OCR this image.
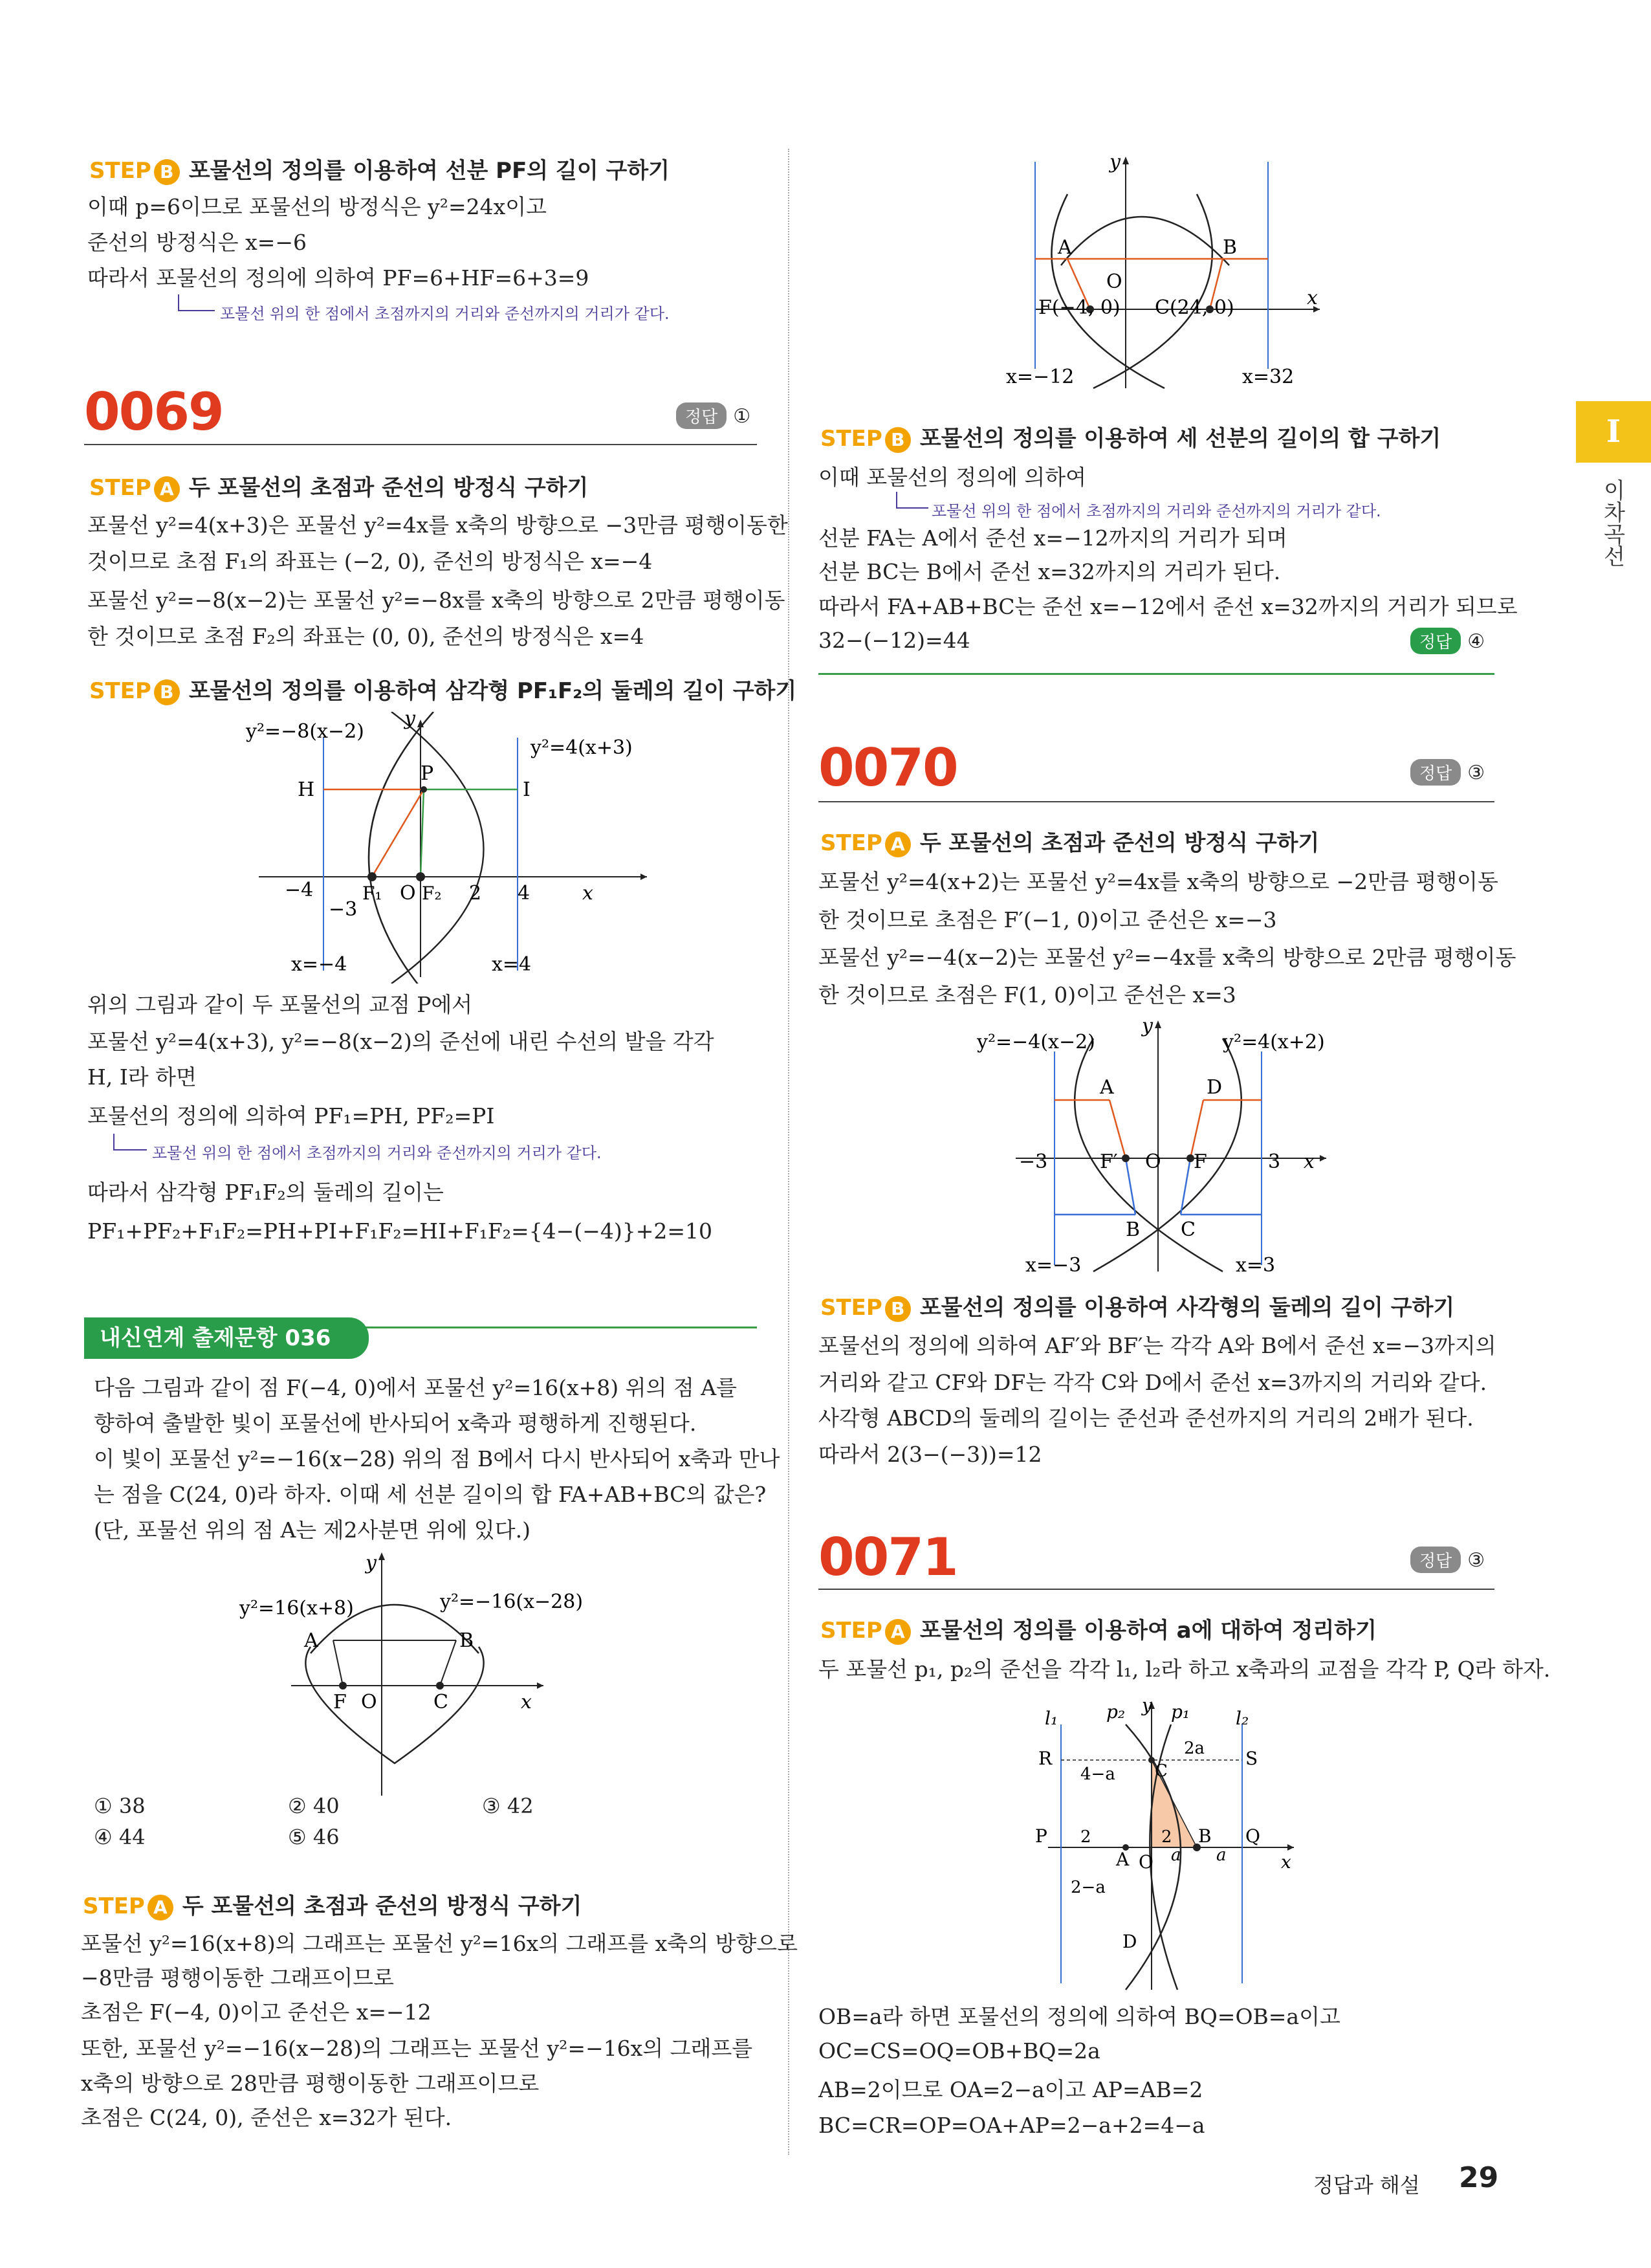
STEP B 포물선의 정의를 이용하여 선분 PF의 길이 구하기
이때 p=6이므로 포물선의 방정식은 y²=24x이고
준선의 방정식은 x=−6
따라서 포물선의 정의에 의하여 PF=6+HF=6+3=9
포물선 위의 한 점에서 초점까지의 거리와 준선까지의 거리가 같다.
0069	정답 ①
STEP A 두 포물선의 초점과 준선의 방정식 구하기
포물선 y²=4(x+3)은 포물선 y²=4x를 x축의 방향으로 −3만큼 평행이동한
것이므로 초점 F₁의 좌표는 (−2, 0), 준선의 방정식은 x=−4
포물선 y²=−8(x−2)는 포물선 y²=−8x를 x축의 방향으로 2만큼 평행이동
한 것이므로 초점 F₂의 좌표는 (0, 0), 준선의 방정식은 x=4
STEP B 포물선의 정의를 이용하여 삼각형 PF₁F₂의 둘레의 길이 구하기
y²=−8(x−2)
y²=4(x+3)
y
H	I
P
−4
−3
F₁ O F₂ 2 4	x
x=−4	x=4
위의 그림과 같이 두 포물선의 교점 P에서
포물선 y²=4(x+3), y²=−8(x−2)의 준선에 내린 수선의 발을 각각
H, I라 하면
포물선의 정의에 의하여 PF₁=PH, PF₂=PI
포물선 위의 한 점에서 초점까지의 거리와 준선까지의 거리가 같다.
따라서 삼각형 PF₁F₂의 둘레의 길이는
PF₁+PF₂+F₁F₂=PH+PI+F₁F₂=HI+F₁F₂={4−(−4)}+2=10
내신연계 출제문항 036
다음 그림과 같이 점 F(−4, 0)에서 포물선 y²=16(x+8) 위의 점 A를
향하여 출발한 빛이 포물선에 반사되어 x축과 평행하게 진행된다.
이 빛이 포물선 y²=−16(x−28) 위의 점 B에서 다시 반사되어 x축과 만나
는 점을 C(24, 0)라 하자. 이때 세 선분 길이의 합 FA+AB+BC의 값은?
(단, 포물선 위의 점 A는 제2사분면 위에 있다.)
y²=16(x+8)	y²=−16(x−28)
y
A	B
F O	C	x
① 38	② 40	③ 42
④ 44	⑤ 46
STEP A 두 포물선의 초점과 준선의 방정식 구하기
포물선 y²=16(x+8)의 그래프는 포물선 y²=16x의 그래프를 x축의 방향으로
−8만큼 평행이동한 그래프이므로
초점은 F(−4, 0)이고 준선은 x=−12
또한, 포물선 y²=−16(x−28)의 그래프는 포물선 y²=−16x의 그래프를
x축의 방향으로 28만큼 평행이동한 그래프이므로
초점은 C(24, 0), 준선은 x=32가 된다.
y
A	B
O
F(−4, 0) C(24, 0)	x
x=−12	x=32
STEP B 포물선의 정의를 이용하여 세 선분의 길이의 합 구하기
이때 포물선의 정의에 의하여
포물선 위의 한 점에서 초점까지의 거리와 준선까지의 거리가 같다.
선분 FA는 A에서 준선 x=−12까지의 거리가 되며
선분 BC는 B에서 준선 x=32까지의 거리가 된다.
따라서 FA+AB+BC는 준선 x=−12에서 준선 x=32까지의 거리가 되므로
32−(−12)=44	정답 ④
0070	정답 ③
STEP A 두 포물선의 초점과 준선의 방정식 구하기
포물선 y²=4(x+2)는 포물선 y²=4x를 x축의 방향으로 −2만큼 평행이동
한 것이므로 초점은 F′(−1, 0)이고 준선은 x=−3
포물선 y²=−4(x−2)는 포물선 y²=−4x를 x축의 방향으로 2만큼 평행이동
한 것이므로 초점은 F(1, 0)이고 준선은 x=3
y²=−4(x−2)	y²=4(x+2)
y
A	D
−3	F′ O F	3 x
B C
x=−3	x=3
STEP B 포물선의 정의를 이용하여 사각형의 둘레의 길이 구하기
포물선의 정의에 의하여 AF′와 BF′는 각각 A와 B에서 준선 x=−3까지의
거리와 같고 CF와 DF는 각각 C와 D에서 준선 x=3까지의 거리와 같다.
사각형 ABCD의 둘레의 길이는 준선과 준선까지의 거리의 2배가 된다.
따라서 2(3−(−3))=12
0071	정답 ③
STEP A 포물선의 정의를 이용하여 a에 대하여 정리하기
두 포물선 p₁, p₂의 준선을 각각 l₁, l₂라 하고 x축과의 교점을 각각 P, Q라 하자.
l₁	p₂ y p₁	l₂
R	S
2a
4−a C
P 2	2 B Q
A O a a	x
2−a
D
OB=a라 하면 포물선의 정의에 의하여 BQ=OB=a이고
OC=CS=OQ=OB+BQ=2a
AB=2이므로 OA=2−a이고 AP=AB=2
BC=CR=OP=OA+AP=2−a+2=4−a
I
이차곡선
정답과 해설 29
